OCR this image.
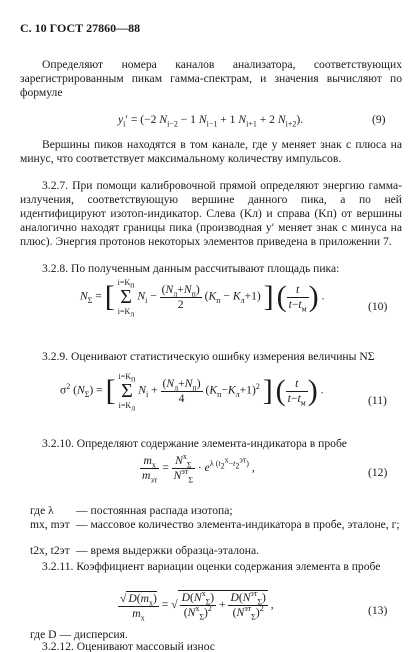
С. 10 ГОСТ 27860—88
Определяют номера каналов анализатора, соответствующих зарегистрированным пикам гамма-спектрам, и значения вычисляют по формуле
$y_i' = (-2$ $N_{i-2} - 1$ $N_{i-1} + 1$ $N_{i+1} + 2$ $N_{i+2}$).	(9)
Вершины пиков находятся в том канале, где y меняет знак с плюса на минус, что соответствует максимальному количеству импульсов.
3.2.7. При помощи калибровочной прямой определяют энергию гамма-излучения, соответствующую вершине данного пика, а по ней идентифицируют изотоп-индикатор. Слева (Kл) и справа (Kп) от вершины аналогично находят границы пика (производная y′ меняет знак с минуса на плюс). Энергия протонов некоторых элементов приведена в приложении 7.
3.2.8. По полученным данным рассчитывают площадь пика:
$N_\Sigma$ = [ $i=K_п$
Σ
$i=K_л$ $N_i - \frac{(N_л+N_п)}{2} (K_п - K_л+1)$ ] ( $\frac{t}{t-t_м}$ ) .
(10)
3.2.9. Оценивают статистическую ошибку измерения величины NΣ
$\sigma^2$ $(N_\Sigma)$ = [ $i=K_п$
Σ
$i=K_л$ $N_i + \frac{(N_л+N_п)}{4} (K_п-K_л+1)^2$ ] ( $\frac{t}{t-t_м}$ ) .
(11)
3.2.10. Определяют содержание элемента-индикатора в пробе
$\frac{m_x}{m_{эт}} = \frac{N^x_\Sigma}{N^{эт}_\Sigma} \cdot e^{\lambda (t_2^x-t_2^{эт})}$ ,	(12)
где λ — постоянная распада изотопа;
mx, mэт — массовое количество элемента-индикатора в пробе, эталоне, г;
t2x, t2эт — время выдержки образца-эталона.
3.2.11. Коэффициент вариации оценки содержания элемента в пробе
$\frac{√ D(m_x)}{m_x}$ = √ $\frac{D(N^x_\Sigma)}{(N^x_\Sigma)^2} + \frac{D(N^{эт}_\Sigma)}{(N^{эт}_\Sigma)^2}$ ,	(13)
где D — дисперсия.
3.2.12. Оценивают массовый износ
